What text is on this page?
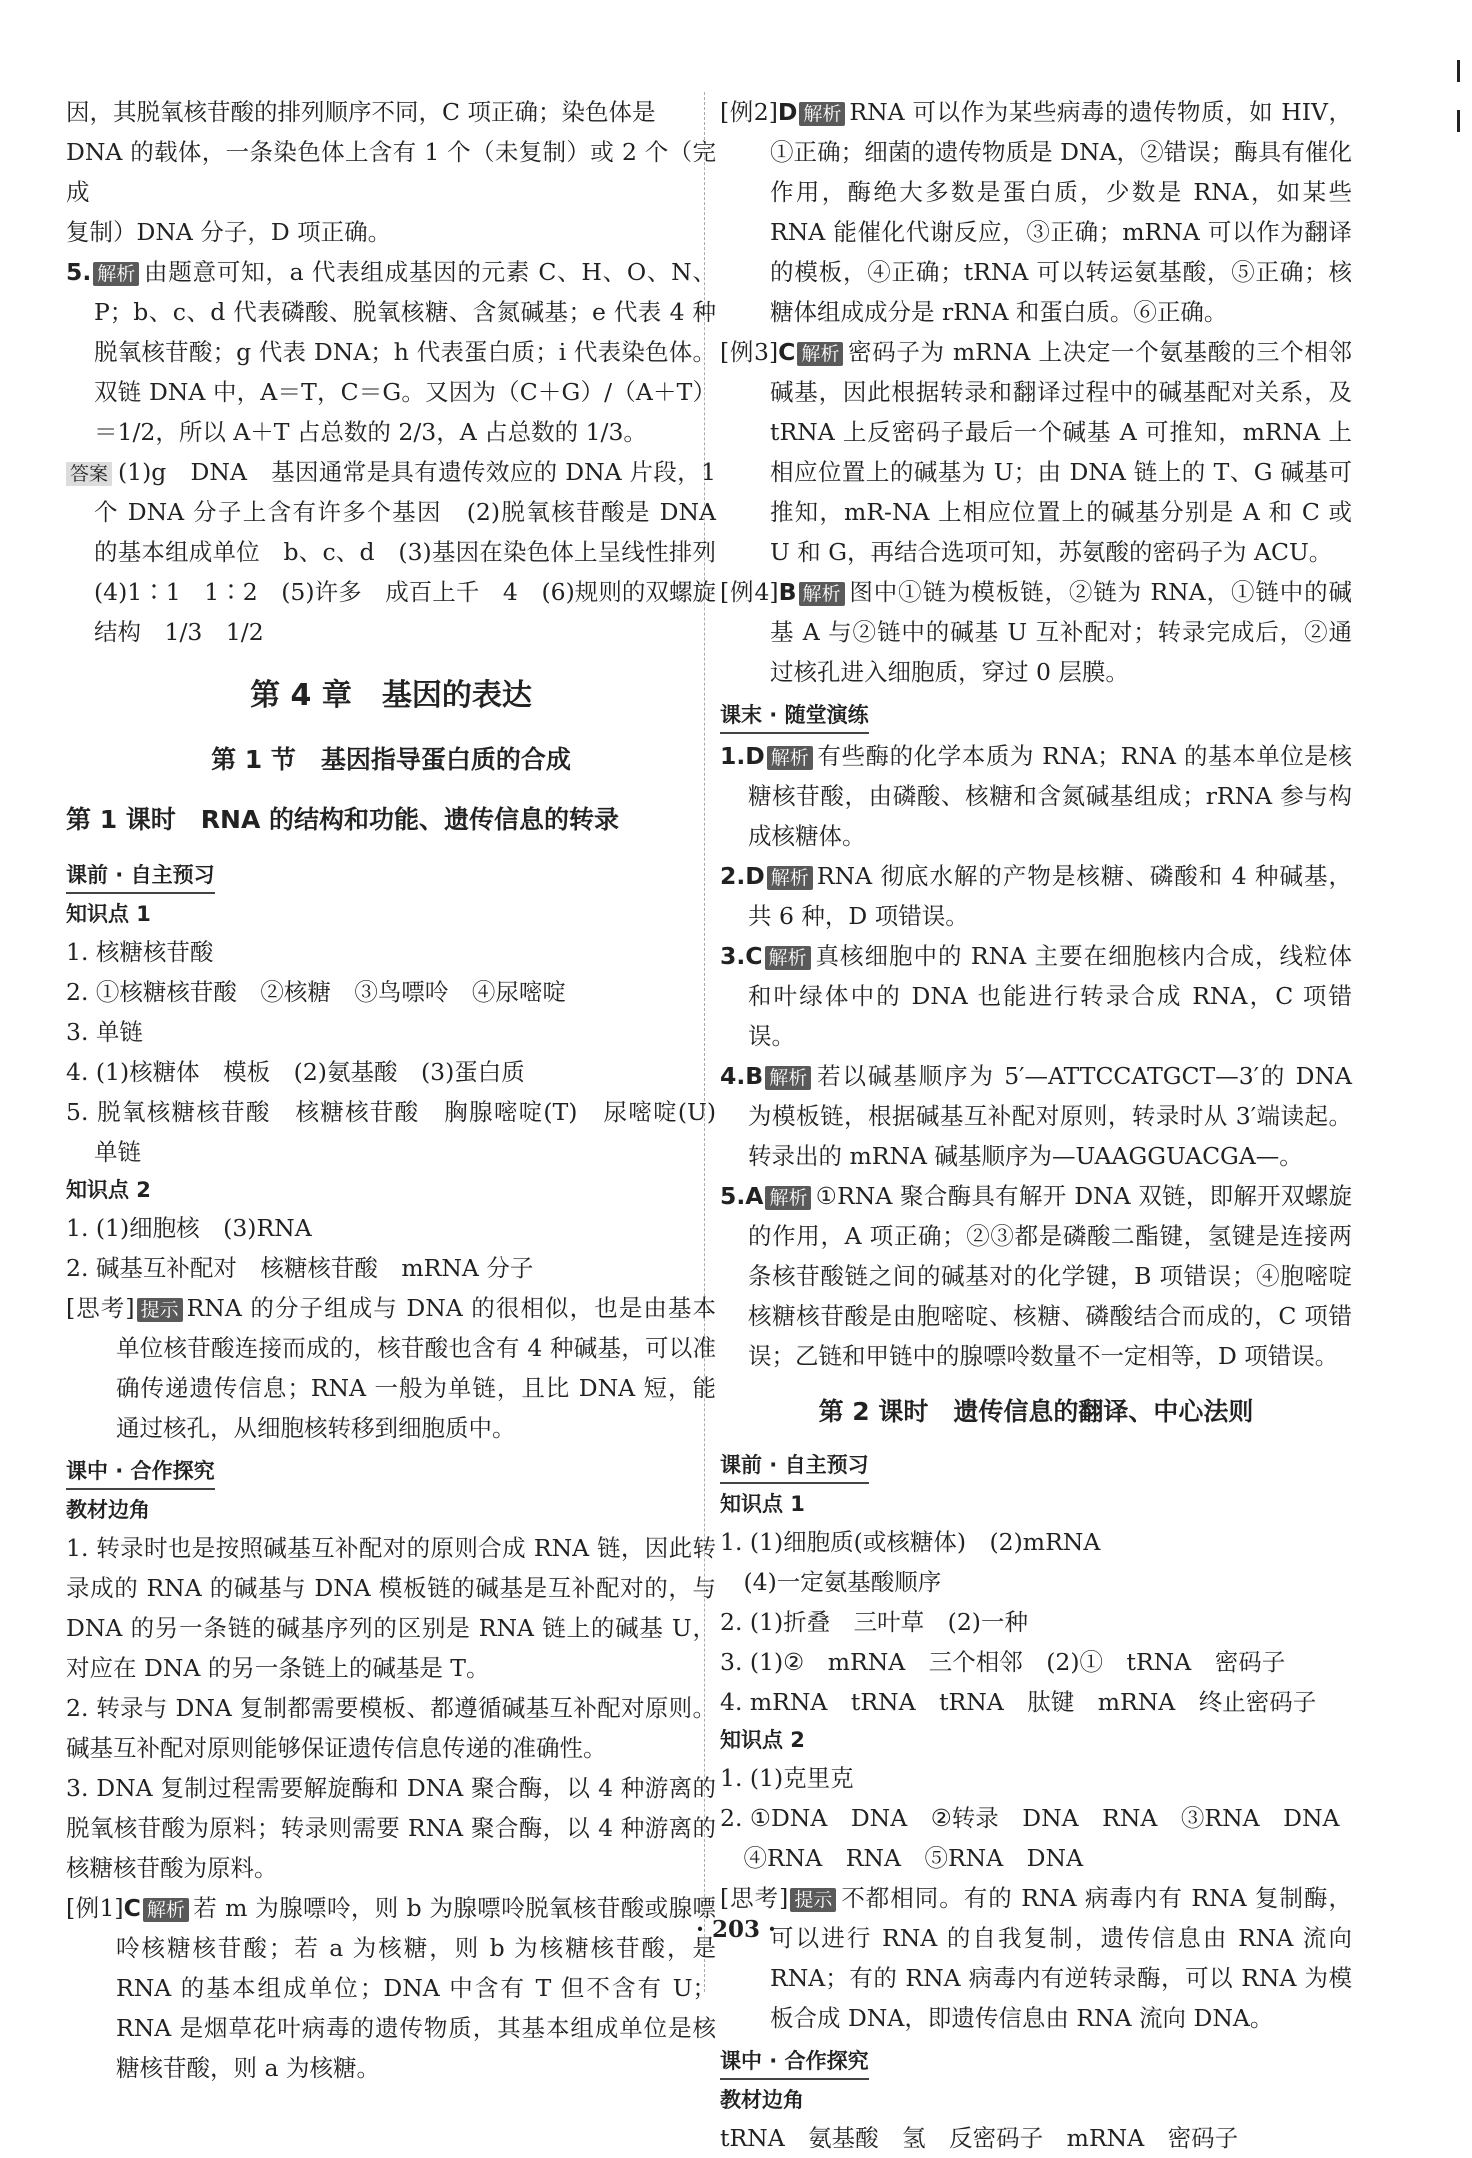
因，其脱氧核苷酸的排列顺序不同，C 项正确；染色体是

DNA 的载体，一条染色体上含有 1 个（未复制）或 2 个（完成

复制）DNA 分子，D 项正确。

5. 解析 由题意可知，a 代表组成基因的元素 C、H、O、N、P；b、c、d 代表磷酸、脱氧核糖、含氮碱基；e 代表 4 种脱氧核苷酸；g 代表 DNA；h 代表蛋白质；i 代表染色体。双链 DNA 中，A＝T，C＝G。又因为（C＋G）/（A＋T）＝1/2，所以 A＋T 占总数的 2/3，A 占总数的 1/3。

答案 (1)g　DNA　基因通常是具有遗传效应的 DNA 片段，1 个 DNA 分子上含有许多个基因　(2)脱氧核苷酸是 DNA 的基本组成单位　b、c、d　(3)基因在染色体上呈线性排列　(4)1∶1　1∶2　(5)许多　成百上千　4　(6)规则的双螺旋结构　1/3　1/2

第 4 章　基因的表达
第 1 节　基因指导蛋白质的合成
第 1 课时　RNA 的结构和功能、遗传信息的转录
课前 · 自主预习
知识点 1

1. 核糖核苷酸

2. ①核糖核苷酸　②核糖　③鸟嘌呤　④尿嘧啶

3. 单链

4. (1)核糖体　模板　(2)氨基酸　(3)蛋白质

5. 脱氧核糖核苷酸　核糖核苷酸　胸腺嘧啶(T)　尿嘧啶(U)　单链

知识点 2

1. (1)细胞核　(3)RNA

2. 碱基互补配对　核糖核苷酸　mRNA 分子

[思考] 提示 RNA 的分子组成与 DNA 的很相似，也是由基本单位核苷酸连接而成的，核苷酸也含有 4 种碱基，可以准确传递遗传信息；RNA 一般为单链，且比 DNA 短，能通过核孔，从细胞核转移到细胞质中。

课中 · 合作探究
教材边角

1. 转录时也是按照碱基互补配对的原则合成 RNA 链，因此转录成的 RNA 的碱基与 DNA 模板链的碱基是互补配对的，与 DNA 的另一条链的碱基序列的区别是 RNA 链上的碱基 U，对应在 DNA 的另一条链上的碱基是 T。

2. 转录与 DNA 复制都需要模板、都遵循碱基互补配对原则。碱基互补配对原则能够保证遗传信息传递的准确性。

3. DNA 复制过程需要解旋酶和 DNA 聚合酶，以 4 种游离的脱氧核苷酸为原料；转录则需要 RNA 聚合酶，以 4 种游离的核糖核苷酸为原料。

[例1]C 解析 若 m 为腺嘌呤，则 b 为腺嘌呤脱氧核苷酸或腺嘌呤核糖核苷酸；若 a 为核糖，则 b 为核糖核苷酸，是 RNA 的基本组成单位；DNA 中含有 T 但不含有 U；RNA 是烟草花叶病毒的遗传物质，其基本组成单位是核糖核苷酸，则 a 为核糖。

[例2]D 解析 RNA 可以作为某些病毒的遗传物质，如 HIV，①正确；细菌的遗传物质是 DNA，②错误；酶具有催化作用，酶绝大多数是蛋白质，少数是 RNA，如某些 RNA 能催化代谢反应，③正确；mRNA 可以作为翻译的模板，④正确；tRNA 可以转运氨基酸，⑤正确；核糖体组成成分是 rRNA 和蛋白质。⑥正确。

[例3]C 解析 密码子为 mRNA 上决定一个氨基酸的三个相邻碱基，因此根据转录和翻译过程中的碱基配对关系，及 tRNA 上反密码子最后一个碱基 A 可推知，mRNA 上相应位置上的碱基为 U；由 DNA 链上的 T、G 碱基可推知，mR-NA 上相应位置上的碱基分别是 A 和 C 或 U 和 G，再结合选项可知，苏氨酸的密码子为 ACU。

[例4]B 解析 图中①链为模板链，②链为 RNA，①链中的碱基 A 与②链中的碱基 U 互补配对；转录完成后，②通过核孔进入细胞质，穿过 0 层膜。

课末 · 随堂演练

1.D 解析 有些酶的化学本质为 RNA；RNA 的基本单位是核糖核苷酸，由磷酸、核糖和含氮碱基组成；rRNA 参与构成核糖体。

2.D 解析 RNA 彻底水解的产物是核糖、磷酸和 4 种碱基，共 6 种，D 项错误。

3.C 解析 真核细胞中的 RNA 主要在细胞核内合成，线粒体和叶绿体中的 DNA 也能进行转录合成 RNA，C 项错误。

4.B 解析 若以碱基顺序为 5′—ATTCCATGCT—3′的 DNA 为模板链，根据碱基互补配对原则，转录时从 3′端读起。转录出的 mRNA 碱基顺序为—UAAGGUACGA—。

5.A 解析 ①RNA 聚合酶具有解开 DNA 双链，即解开双螺旋的作用，A 项正确；②③都是磷酸二酯键，氢键是连接两条核苷酸链之间的碱基对的化学键，B 项错误；④胞嘧啶核糖核苷酸是由胞嘧啶、核糖、磷酸结合而成的，C 项错误；乙链和甲链中的腺嘌呤数量不一定相等，D 项错误。

第 2 课时　遗传信息的翻译、中心法则
课前 · 自主预习
知识点 1

1. (1)细胞质(或核糖体)　(2)mRNA

　(4)一定氨基酸顺序

2. (1)折叠　三叶草　(2)一种

3. (1)②　mRNA　三个相邻　(2)①　tRNA　密码子

4. mRNA　tRNA　tRNA　肽键　mRNA　终止密码子

知识点 2

1. (1)克里克

2. ①DNA　DNA　②转录　DNA　RNA　③RNA　DNA

　④RNA　RNA　⑤RNA　DNA

[思考] 提示 不都相同。有的 RNA 病毒内有 RNA 复制酶，可以进行 RNA 的自我复制，遗传信息由 RNA 流向 RNA；有的 RNA 病毒内有逆转录酶，可以 RNA 为模板合成 DNA，即遗传信息由 RNA 流向 DNA。

课中 · 合作探究
教材边角

tRNA　氨基酸　氢　反密码子　mRNA　密码子

· 203 ·
